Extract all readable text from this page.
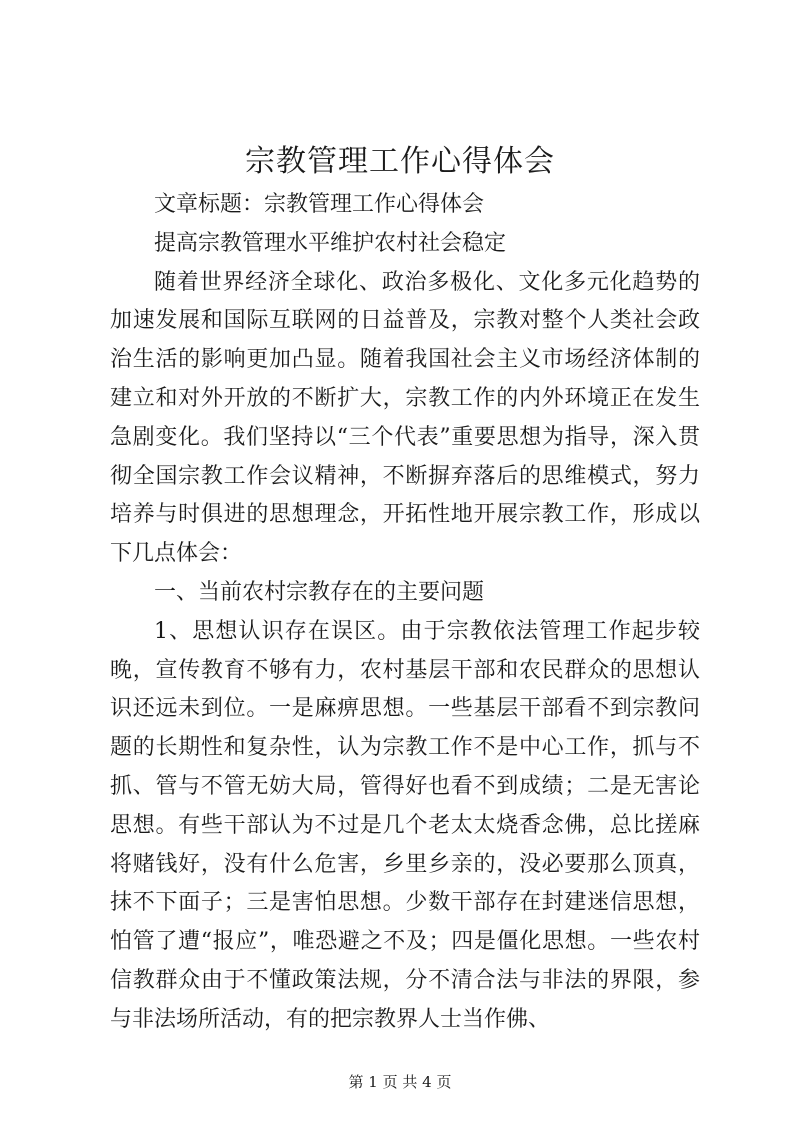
宗教管理工作心得体会

文章标题：宗教管理工作心得体会

提高宗教管理水平维护农村社会稳定

随着世界经济全球化、政治多极化、文化多元化趋势的加速发展和国际互联网的日益普及，宗教对整个人类社会政治生活的影响更加凸显。随着我国社会主义市场经济体制的建立和对外开放的不断扩大，宗教工作的内外环境正在发生急剧变化。我们坚持以“三个代表”重要思想为指导，深入贯彻全国宗教工作会议精神，不断摒弃落后的思维模式，努力培养与时俱进的思想理念，开拓性地开展宗教工作，形成以下几点体会：

一、当前农村宗教存在的主要问题

1、思想认识存在误区。由于宗教依法管理工作起步较晚，宣传教育不够有力，农村基层干部和农民群众的思想认识还远未到位。一是麻痹思想。一些基层干部看不到宗教问题的长期性和复杂性，认为宗教工作不是中心工作，抓与不抓、管与不管无妨大局，管得好也看不到成绩；二是无害论思想。有些干部认为不过是几个老太太烧香念佛，总比搓麻将赌钱好，没有什么危害，乡里乡亲的，没必要那么顶真，抹不下面子；三是害怕思想。少数干部存在封建迷信思想，怕管了遭“报应”，唯恐避之不及；四是僵化思想。一些农村信教群众由于不懂政策法规，分不清合法与非法的界限，参与非法场所活动，有的把宗教界人士当作佛、

第 1 页 共 4 页
